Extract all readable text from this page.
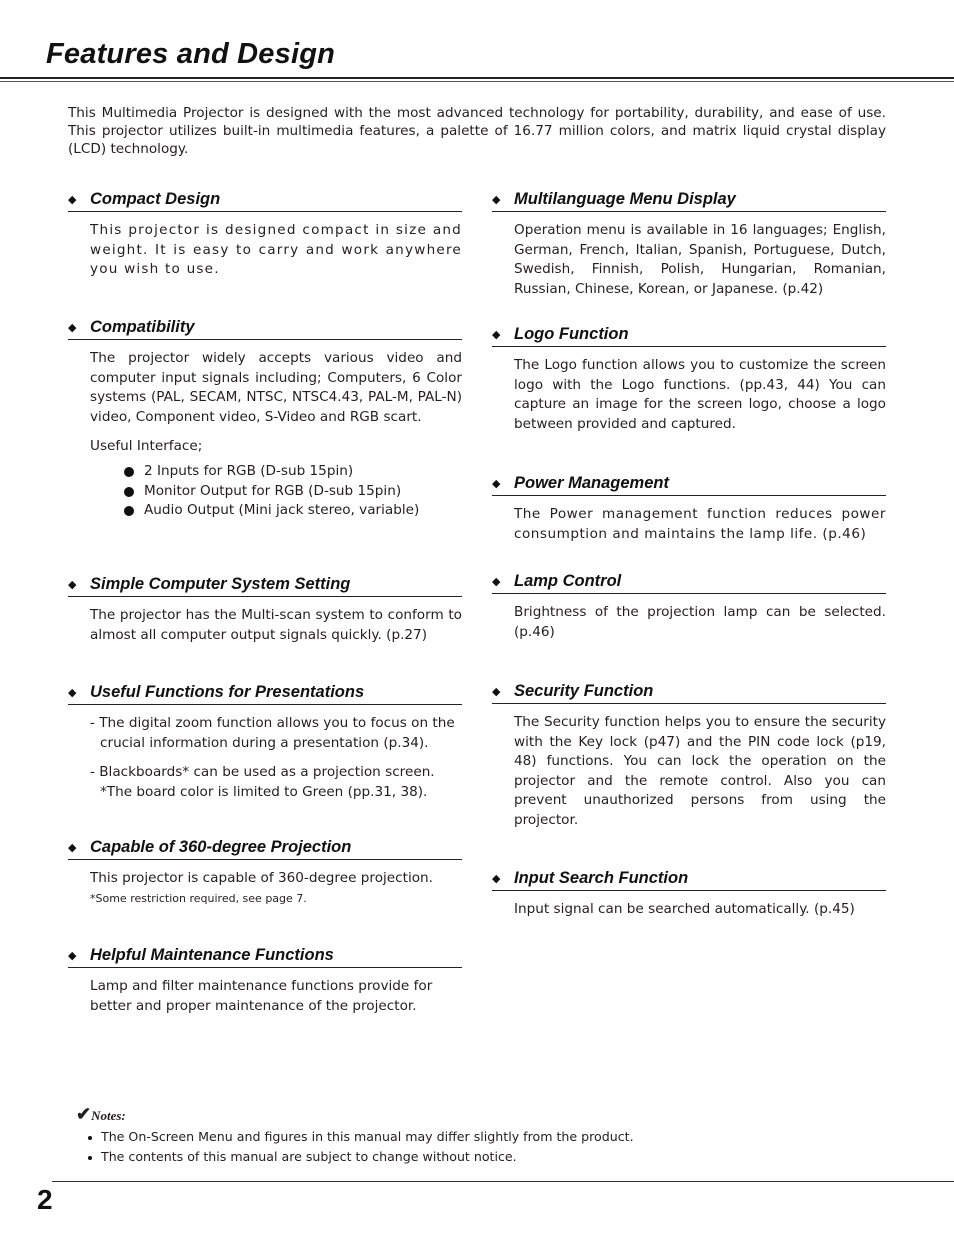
Features and Design

This Multimedia Projector is designed with the most advanced technology for portability, durability, and ease of use. This projector utilizes built-in multimedia features, a palette of 16.77 million colors, and matrix liquid crystal display (LCD) technology.

◆ Compact Design

This projector is designed compact in size and weight. It is easy to carry and work anywhere you wish to use.

◆ Compatibility

The projector widely accepts various video and computer input signals including; Computers, 6 Color systems (PAL, SECAM, NTSC, NTSC4.43, PAL-M, PAL-N) video, Component video, S-Video and RGB scart.

Useful Interface;

2 Inputs for RGB (D-sub 15pin)
Monitor Output for RGB (D-sub 15pin)
Audio Output (Mini jack stereo, variable)
◆ Simple Computer System Setting

The projector has the Multi-scan system to conform to almost all computer output signals quickly. (p.27)

◆ Useful Functions for Presentations

- The digital zoom function allows you to focus on the crucial information during a presentation (p.34).

- Blackboards* can be used as a projection screen. *The board color is limited to Green (pp.31, 38).

◆ Capable of 360-degree Projection

This projector is capable of 360-degree projection.

*Some restriction required, see page 7.

◆ Helpful Maintenance Functions

Lamp and filter maintenance functions provide for better and proper maintenance of the projector.

◆ Multilanguage Menu Display

Operation menu is available in 16 languages; English, German, French, Italian, Spanish, Portuguese, Dutch, Swedish, Finnish, Polish, Hungarian, Romanian, Russian, Chinese, Korean, or Japanese. (p.42)

◆ Logo Function

The Logo function allows you to customize the screen logo with the Logo functions. (pp.43, 44) You can capture an image for the screen logo, choose a logo between provided and captured.

◆ Power Management

The Power management function reduces power consumption and maintains the lamp life. (p.46)

◆ Lamp Control

Brightness of the projection lamp can be selected. (p.46)

◆ Security Function

The Security function helps you to ensure the security with the Key lock (p47) and the PIN code lock (p19, 48) functions. You can lock the operation on the projector and the remote control. Also you can prevent unauthorized persons from using the projector.

◆ Input Search Function

Input signal can be searched automatically. (p.45)

✔Notes:
The On-Screen Menu and figures in this manual may differ slightly from the product.
The contents of this manual are subject to change without notice.
2
